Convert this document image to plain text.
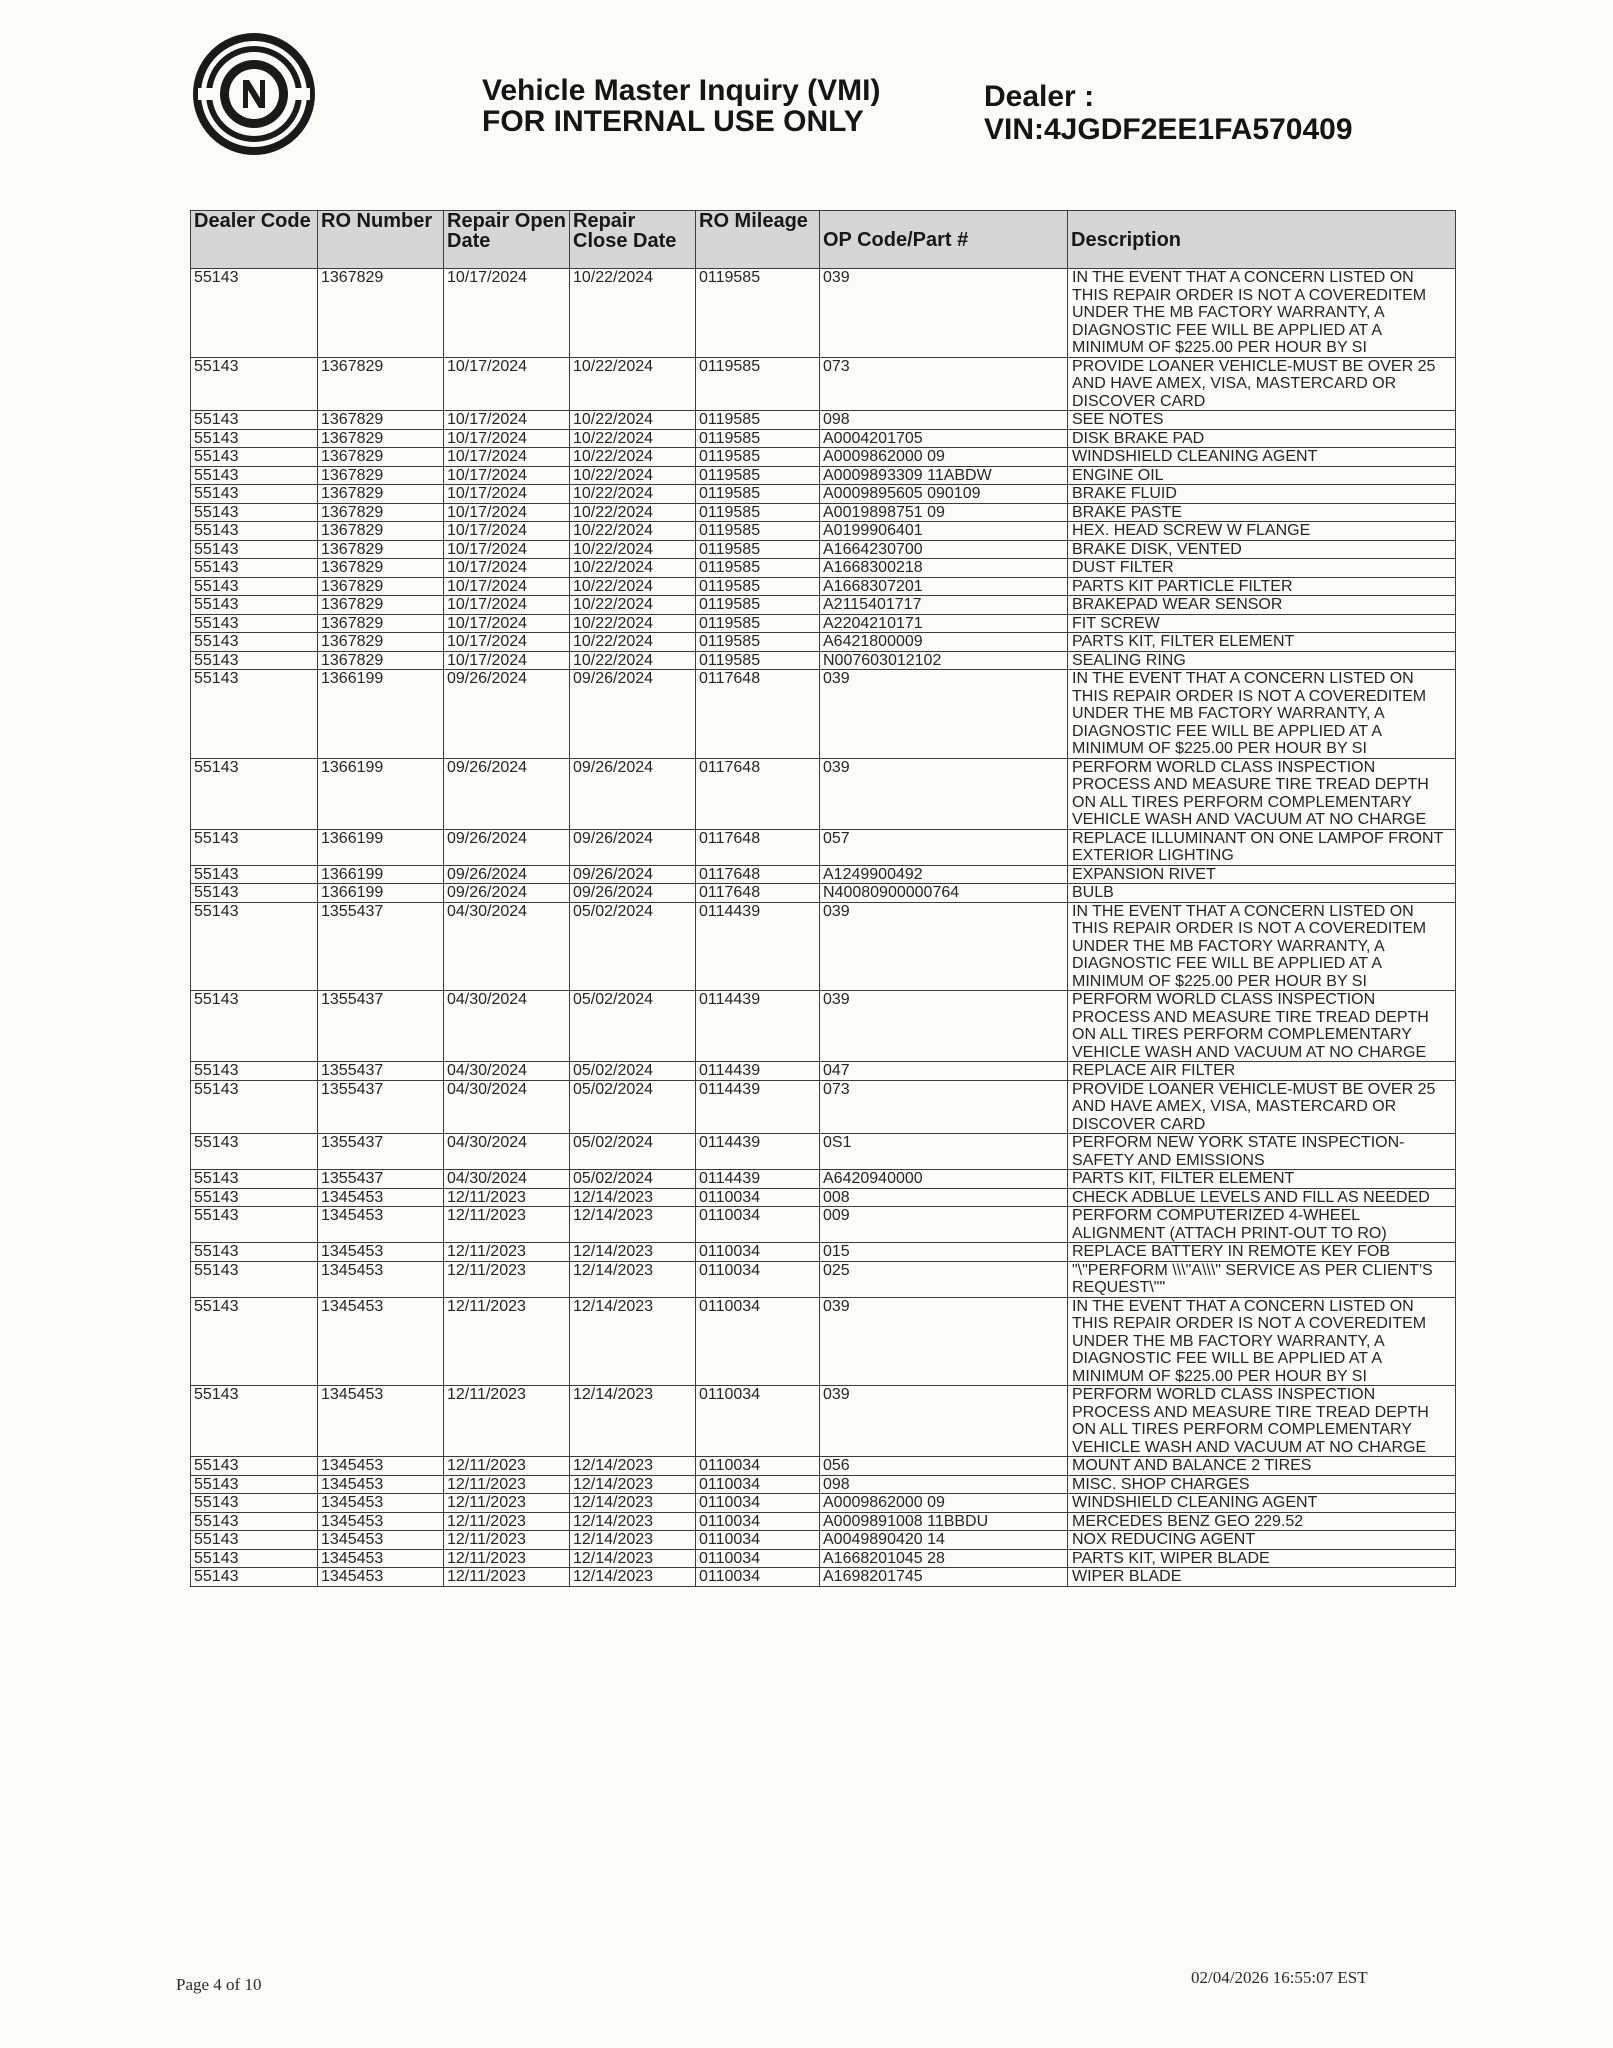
Vehicle Master Inquiry (VMI)
FOR INTERNAL USE ONLY
Dealer :
VIN:4JGDF2EE1FA570409
Dealer Code	RO Number	Repair Open Date	Repair Close Date	RO Mileage	OP Code/Part #	Description
55143	1367829	10/17/2024	10/22/2024	0119585	039	IN THE EVENT THAT A CONCERN LISTED ON THIS REPAIR ORDER IS NOT A COVEREDITEM UNDER THE MB FACTORY WARRANTY, A DIAGNOSTIC FEE WILL BE APPLIED AT A MINIMUM OF $225.00 PER HOUR BY SI
55143	1367829	10/17/2024	10/22/2024	0119585	073	PROVIDE LOANER VEHICLE-MUST BE OVER 25 AND HAVE AMEX, VISA, MASTERCARD OR DISCOVER CARD
55143	1367829	10/17/2024	10/22/2024	0119585	098	SEE NOTES
55143	1367829	10/17/2024	10/22/2024	0119585	A0004201705	DISK BRAKE PAD
55143	1367829	10/17/2024	10/22/2024	0119585	A0009862000 09	WINDSHIELD CLEANING AGENT
55143	1367829	10/17/2024	10/22/2024	0119585	A0009893309 11ABDW	ENGINE OIL
55143	1367829	10/17/2024	10/22/2024	0119585	A0009895605 090109	BRAKE FLUID
55143	1367829	10/17/2024	10/22/2024	0119585	A0019898751 09	BRAKE PASTE
55143	1367829	10/17/2024	10/22/2024	0119585	A0199906401	HEX. HEAD SCREW W FLANGE
55143	1367829	10/17/2024	10/22/2024	0119585	A1664230700	BRAKE DISK, VENTED
55143	1367829	10/17/2024	10/22/2024	0119585	A1668300218	DUST FILTER
55143	1367829	10/17/2024	10/22/2024	0119585	A1668307201	PARTS KIT PARTICLE FILTER
55143	1367829	10/17/2024	10/22/2024	0119585	A2115401717	BRAKEPAD WEAR SENSOR
55143	1367829	10/17/2024	10/22/2024	0119585	A2204210171	FIT SCREW
55143	1367829	10/17/2024	10/22/2024	0119585	A6421800009	PARTS KIT, FILTER ELEMENT
55143	1367829	10/17/2024	10/22/2024	0119585	N007603012102	SEALING RING
55143	1366199	09/26/2024	09/26/2024	0117648	039	IN THE EVENT THAT A CONCERN LISTED ON THIS REPAIR ORDER IS NOT A COVEREDITEM UNDER THE MB FACTORY WARRANTY, A DIAGNOSTIC FEE WILL BE APPLIED AT A MINIMUM OF $225.00 PER HOUR BY SI
55143	1366199	09/26/2024	09/26/2024	0117648	039	PERFORM WORLD CLASS INSPECTION PROCESS AND MEASURE TIRE TREAD DEPTH ON ALL TIRES PERFORM COMPLEMENTARY VEHICLE WASH AND VACUUM AT NO CHARGE
55143	1366199	09/26/2024	09/26/2024	0117648	057	REPLACE ILLUMINANT ON ONE LAMPOF FRONT EXTERIOR LIGHTING
55143	1366199	09/26/2024	09/26/2024	0117648	A1249900492	EXPANSION RIVET
55143	1366199	09/26/2024	09/26/2024	0117648	N40080900000764	BULB
55143	1355437	04/30/2024	05/02/2024	0114439	039	IN THE EVENT THAT A CONCERN LISTED ON THIS REPAIR ORDER IS NOT A COVEREDITEM UNDER THE MB FACTORY WARRANTY, A DIAGNOSTIC FEE WILL BE APPLIED AT A MINIMUM OF $225.00 PER HOUR BY SI
55143	1355437	04/30/2024	05/02/2024	0114439	039	PERFORM WORLD CLASS INSPECTION PROCESS AND MEASURE TIRE TREAD DEPTH ON ALL TIRES PERFORM COMPLEMENTARY VEHICLE WASH AND VACUUM AT NO CHARGE
55143	1355437	04/30/2024	05/02/2024	0114439	047	REPLACE AIR FILTER
55143	1355437	04/30/2024	05/02/2024	0114439	073	PROVIDE LOANER VEHICLE-MUST BE OVER 25 AND HAVE AMEX, VISA, MASTERCARD OR DISCOVER CARD
55143	1355437	04/30/2024	05/02/2024	0114439	0S1	PERFORM NEW YORK STATE INSPECTION-SAFETY AND EMISSIONS
55143	1355437	04/30/2024	05/02/2024	0114439	A6420940000	PARTS KIT, FILTER ELEMENT
55143	1345453	12/11/2023	12/14/2023	0110034	008	CHECK ADBLUE LEVELS AND FILL AS NEEDED
55143	1345453	12/11/2023	12/14/2023	0110034	009	PERFORM COMPUTERIZED 4-WHEEL ALIGNMENT (ATTACH PRINT-OUT TO RO)
55143	1345453	12/11/2023	12/14/2023	0110034	015	REPLACE BATTERY IN REMOTE KEY FOB
55143	1345453	12/11/2023	12/14/2023	0110034	025	"\"PERFORM \\\"A\\\" SERVICE AS PER CLIENT'S REQUEST\""
55143	1345453	12/11/2023	12/14/2023	0110034	039	IN THE EVENT THAT A CONCERN LISTED ON THIS REPAIR ORDER IS NOT A COVEREDITEM UNDER THE MB FACTORY WARRANTY, A DIAGNOSTIC FEE WILL BE APPLIED AT A MINIMUM OF $225.00 PER HOUR BY SI
55143	1345453	12/11/2023	12/14/2023	0110034	039	PERFORM WORLD CLASS INSPECTION PROCESS AND MEASURE TIRE TREAD DEPTH ON ALL TIRES PERFORM COMPLEMENTARY VEHICLE WASH AND VACUUM AT NO CHARGE
55143	1345453	12/11/2023	12/14/2023	0110034	056	MOUNT AND BALANCE 2 TIRES
55143	1345453	12/11/2023	12/14/2023	0110034	098	MISC. SHOP CHARGES
55143	1345453	12/11/2023	12/14/2023	0110034	A0009862000 09	WINDSHIELD CLEANING AGENT
55143	1345453	12/11/2023	12/14/2023	0110034	A0009891008 11BBDU	MERCEDES BENZ GEO 229.52
55143	1345453	12/11/2023	12/14/2023	0110034	A0049890420 14	NOX REDUCING AGENT
55143	1345453	12/11/2023	12/14/2023	0110034	A1668201045 28	PARTS KIT, WIPER BLADE
55143	1345453	12/11/2023	12/14/2023	0110034	A1698201745	WIPER BLADE
Page 4 of 10	02/04/2026 16:55:07 EST
